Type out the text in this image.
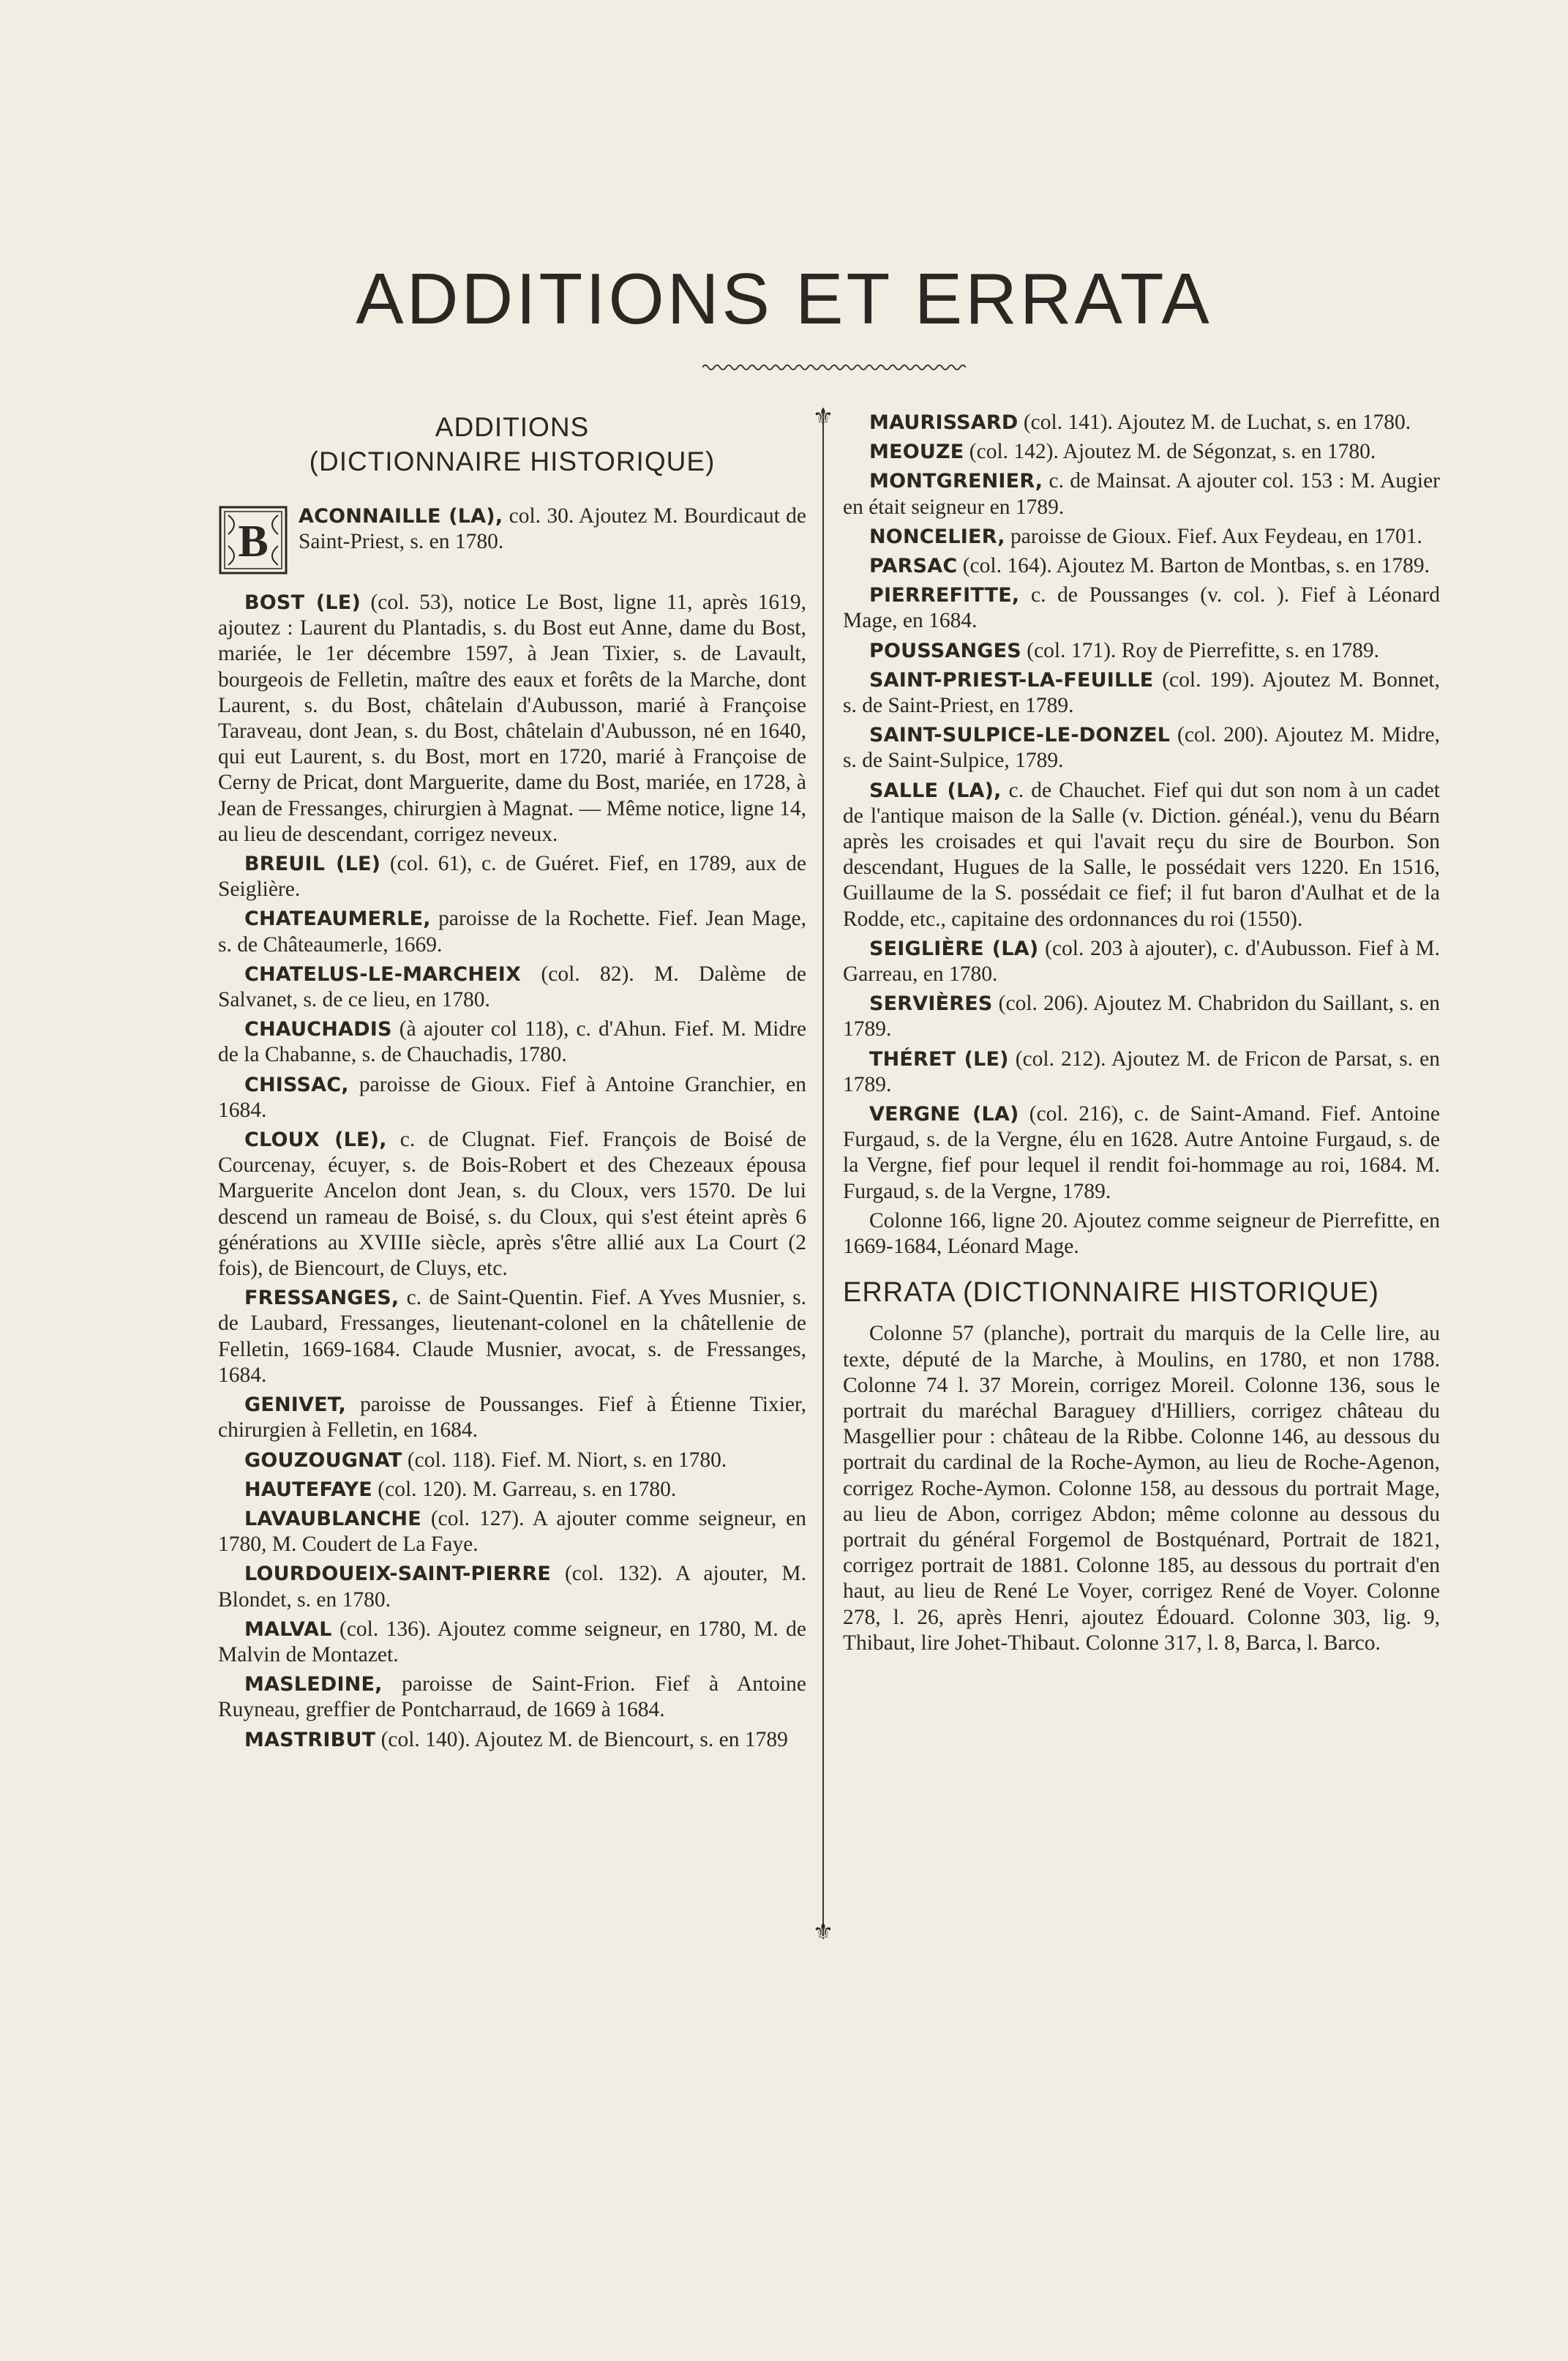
ADDITIONS ET ERRATA
ADDITIONS
(DICTIONNAIRE HISTORIQUE)

B
ACONNAILLE (LA), col. 30. Ajoutez M. Bourdicaut de Saint-Priest, s. en 1780.

BOST (LE) (col. 53), notice Le Bost, ligne 11, après 1619, ajoutez : Laurent du Plantadis, s. du Bost eut Anne, dame du Bost, mariée, le 1er décembre 1597, à Jean Tixier, s. de Lavault, bourgeois de Felletin, maître des eaux et forêts de la Marche, dont Laurent, s. du Bost, châtelain d'Aubusson, marié à Françoise Taraveau, dont Jean, s. du Bost, châtelain d'Aubusson, né en 1640, qui eut Laurent, s. du Bost, mort en 1720, marié à Françoise de Cerny de Pricat, dont Marguerite, dame du Bost, mariée, en 1728, à Jean de Fressanges, chirurgien à Magnat. — Même notice, ligne 14, au lieu de descendant, corrigez neveux.

BREUIL (LE) (col. 61), c. de Guéret. Fief, en 1789, aux de Seiglière.

CHATEAUMERLE, paroisse de la Rochette. Fief. Jean Mage, s. de Châteaumerle, 1669.

CHATELUS-LE-MARCHEIX (col. 82). M. Dalème de Salvanet, s. de ce lieu, en 1780.

CHAUCHADIS (à ajouter col 118), c. d'Ahun. Fief. M. Midre de la Chabanne, s. de Chauchadis, 1780.

CHISSAC, paroisse de Gioux. Fief à Antoine Granchier, en 1684.

CLOUX (LE), c. de Clugnat. Fief. François de Boisé de Courcenay, écuyer, s. de Bois-Robert et des Chezeaux épousa Marguerite Ancelon dont Jean, s. du Cloux, vers 1570. De lui descend un rameau de Boisé, s. du Cloux, qui s'est éteint après 6 générations au XVIIIe siècle, après s'être allié aux La Court (2 fois), de Biencourt, de Cluys, etc.

FRESSANGES, c. de Saint-Quentin. Fief. A Yves Musnier, s. de Laubard, Fressanges, lieutenant-colonel en la châtellenie de Felletin, 1669-1684. Claude Musnier, avocat, s. de Fressanges, 1684.

GENIVET, paroisse de Poussanges. Fief à Étienne Tixier, chirurgien à Felletin, en 1684.

GOUZOUGNAT (col. 118). Fief. M. Niort, s. en 1780.

HAUTEFAYE (col. 120). M. Garreau, s. en 1780.

LAVAUBLANCHE (col. 127). A ajouter comme seigneur, en 1780, M. Coudert de La Faye.

LOURDOUEIX-SAINT-PIERRE (col. 132). A ajouter, M. Blondet, s. en 1780.

MALVAL (col. 136). Ajoutez comme seigneur, en 1780, M. de Malvin de Montazet.

MASLEDINE, paroisse de Saint-Frion. Fief à Antoine Ruyneau, greffier de Pontcharraud, de 1669 à 1684.

MASTRIBUT (col. 140). Ajoutez M. de Biencourt, s. en 1789

⚜
⚜

MAURISSARD (col. 141). Ajoutez M. de Luchat, s. en 1780.

MEOUZE (col. 142). Ajoutez M. de Ségonzat, s. en 1780.

MONTGRENIER, c. de Mainsat. A ajouter col. 153 : M. Augier en était seigneur en 1789.

NONCELIER, paroisse de Gioux. Fief. Aux Feydeau, en 1701.

PARSAC (col. 164). Ajoutez M. Barton de Montbas, s. en 1789.

PIERREFITTE, c. de Poussanges (v. col. ). Fief à Léonard Mage, en 1684.

POUSSANGES (col. 171). Roy de Pierrefitte, s. en 1789.

SAINT-PRIEST-LA-FEUILLE (col. 199). Ajoutez M. Bonnet, s. de Saint-Priest, en 1789.

SAINT-SULPICE-LE-DONZEL (col. 200). Ajoutez M. Midre, s. de Saint-Sulpice, 1789.

SALLE (LA), c. de Chauchet. Fief qui dut son nom à un cadet de l'antique maison de la Salle (v. Diction. généal.), venu du Béarn après les croisades et qui l'avait reçu du sire de Bourbon. Son descendant, Hugues de la Salle, le possédait vers 1220. En 1516, Guillaume de la S. possédait ce fief; il fut baron d'Aulhat et de la Rodde, etc., capitaine des ordonnances du roi (1550).

SEIGLIÈRE (LA) (col. 203 à ajouter), c. d'Aubusson. Fief à M. Garreau, en 1780.

SERVIÈRES (col. 206). Ajoutez M. Chabridon du Saillant, s. en 1789.

THÉRET (LE) (col. 212). Ajoutez M. de Fricon de Parsat, s. en 1789.

VERGNE (LA) (col. 216), c. de Saint-Amand. Fief. Antoine Furgaud, s. de la Vergne, élu en 1628. Autre Antoine Furgaud, s. de la Vergne, fief pour lequel il rendit foi-hommage au roi, 1684. M. Furgaud, s. de la Vergne, 1789.

Colonne 166, ligne 20. Ajoutez comme seigneur de Pierrefitte, en 1669-1684, Léonard Mage.

ERRATA (DICTIONNAIRE HISTORIQUE)

Colonne 57 (planche), portrait du marquis de la Celle lire, au texte, député de la Marche, à Moulins, en 1780, et non 1788. Colonne 74 l. 37 Morein, corrigez Moreil. Colonne 136, sous le portrait du maréchal Baraguey d'Hilliers, corrigez château du Masgellier pour : château de la Ribbe. Colonne 146, au dessous du portrait du cardinal de la Roche-Aymon, au lieu de Roche-Agenon, corrigez Roche-Aymon. Colonne 158, au dessous du portrait Mage, au lieu de Abon, corrigez Abdon; même colonne au dessous du portrait du général Forgemol de Bostquénard, Portrait de 1821, corrigez portrait de 1881. Colonne 185, au dessous du portrait d'en haut, au lieu de René Le Voyer, corrigez René de Voyer. Colonne 278, l. 26, après Henri, ajoutez Édouard. Colonne 303, lig. 9, Thibaut, lire Johet-Thibaut. Colonne 317, l. 8, Barca, l. Barco.
